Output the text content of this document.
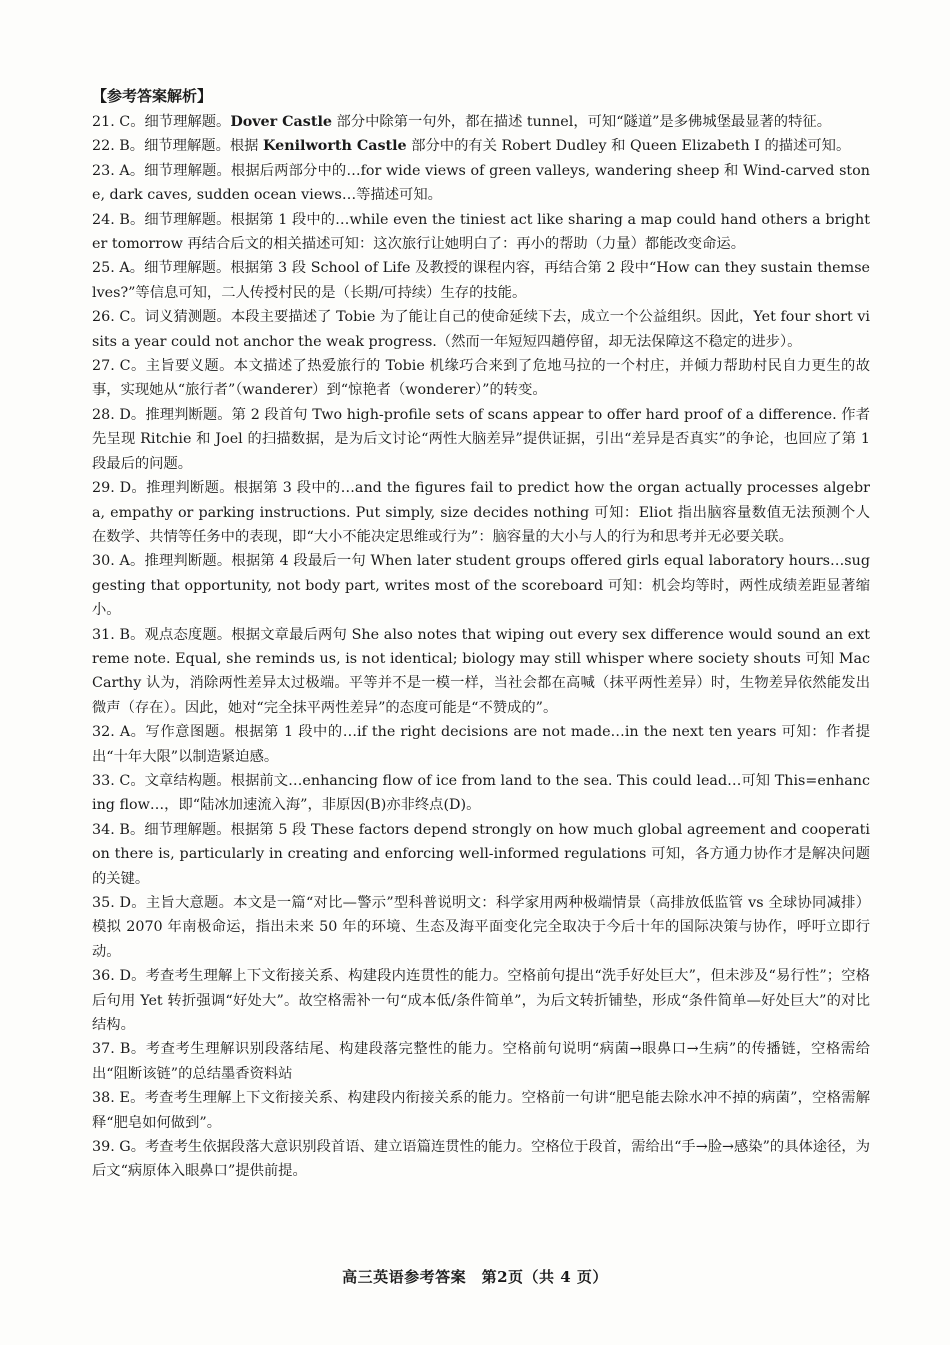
【参考答案解析】

21. C。细节理解题。Dover Castle 部分中除第一句外，都在描述 tunnel，可知“隧道”是多佛城堡最显著的特征。

22. B。细节理解题。根据 Kenilworth Castle 部分中的有关 Robert Dudley 和 Queen Elizabeth I 的描述可知。

23. A。细节理解题。根据后两部分中的…for wide views of green valleys, wandering sheep 和 Wind-carved stone, dark caves, sudden ocean views…等描述可知。

24. B。细节理解题。根据第 1 段中的…while even the tiniest act like sharing a map could hand others a brighter tomorrow 再结合后文的相关描述可知：这次旅行让她明白了：再小的帮助（力量）都能改变命运。

25. A。细节理解题。根据第 3 段 School of Life 及教授的课程内容，再结合第 2 段中“How can they sustain themselves?”等信息可知，二人传授村民的是（长期/可持续）生存的技能。

26. C。词义猜测题。本段主要描述了 Tobie 为了能让自己的使命延续下去，成立一个公益组织。因此，Yet four short visits a year could not anchor the weak progress.（然而一年短短四趟停留，却无法保障这不稳定的进步）。

27. C。主旨要义题。本文描述了热爱旅行的 Tobie 机缘巧合来到了危地马拉的一个村庄，并倾力帮助村民自力更生的故事，实现她从“旅行者”（wanderer）到“惊艳者（wonderer）”的转变。

28. D。推理判断题。第 2 段首句 Two high-profile sets of scans appear to offer hard proof of a difference. 作者先呈现 Ritchie 和 Joel 的扫描数据，是为后文讨论“两性大脑差异”提供证据，引出“差异是否真实”的争论，也回应了第 1 段最后的问题。

29. D。推理判断题。根据第 3 段中的…and the figures fail to predict how the organ actually processes algebra, empathy or parking instructions. Put simply, size decides nothing 可知：Eliot 指出脑容量数值无法预测个人在数学、共情等任务中的表现，即“大小不能决定思维或行为”：脑容量的大小与人的行为和思考并无必要关联。

30. A。推理判断题。根据第 4 段最后一句 When later student groups offered girls equal laboratory hours…suggesting that opportunity, not body part, writes most of the scoreboard 可知：机会均等时，两性成绩差距显著缩小。

31. B。观点态度题。根据文章最后两句 She also notes that wiping out every sex difference would sound an extreme note. Equal, she reminds us, is not identical; biology may still whisper where society shouts 可知 MacCarthy 认为，消除两性差异太过极端。平等并不是一模一样，当社会都在高喊（抹平两性差异）时，生物差异依然能发出微声（存在）。因此，她对“完全抹平两性差异”的态度可能是“不赞成的”。

32. A。写作意图题。根据第 1 段中的…if the right decisions are not made…in the next ten years 可知：作者提出“十年大限”以制造紧迫感。

33. C。文章结构题。根据前文…enhancing flow of ice from land to the sea. This could lead…可知 This=enhancing flow…，即“陆冰加速流入海”，非原因(B)亦非终点(D)。

34. B。细节理解题。根据第 5 段 These factors depend strongly on how much global agreement and cooperation there is, particularly in creating and enforcing well-informed regulations 可知，各方通力协作才是解决问题的关键。

35. D。主旨大意题。本文是一篇“对比—警示”型科普说明文：科学家用两种极端情景（高排放低监管 vs 全球协同减排）模拟 2070 年南极命运，指出未来 50 年的环境、生态及海平面变化完全取决于今后十年的国际决策与协作，呼吁立即行动。

36. D。考查考生理解上下文衔接关系、构建段内连贯性的能力。空格前句提出“洗手好处巨大”，但未涉及“易行性”；空格后句用 Yet 转折强调“好处大”。故空格需补一句“成本低/条件简单”，为后文转折铺垫，形成“条件简单—好处巨大”的对比结构。

37. B。考查考生理解识别段落结尾、构建段落完整性的能力。空格前句说明“病菌→眼鼻口→生病”的传播链，空格需给出“阻断该链”的总结墨香资料站

38. E。考查考生理解上下文衔接关系、构建段内衔接关系的能力。空格前一句讲“肥皂能去除水冲不掉的病菌”，空格需解释“肥皂如何做到”。

39. G。考查考生依据段落大意识别段首语、建立语篇连贯性的能力。空格位于段首，需给出“手→脸→感染”的具体途径，为后文“病原体入眼鼻口”提供前提。

高三英语参考答案　第2页（共 4 页）
